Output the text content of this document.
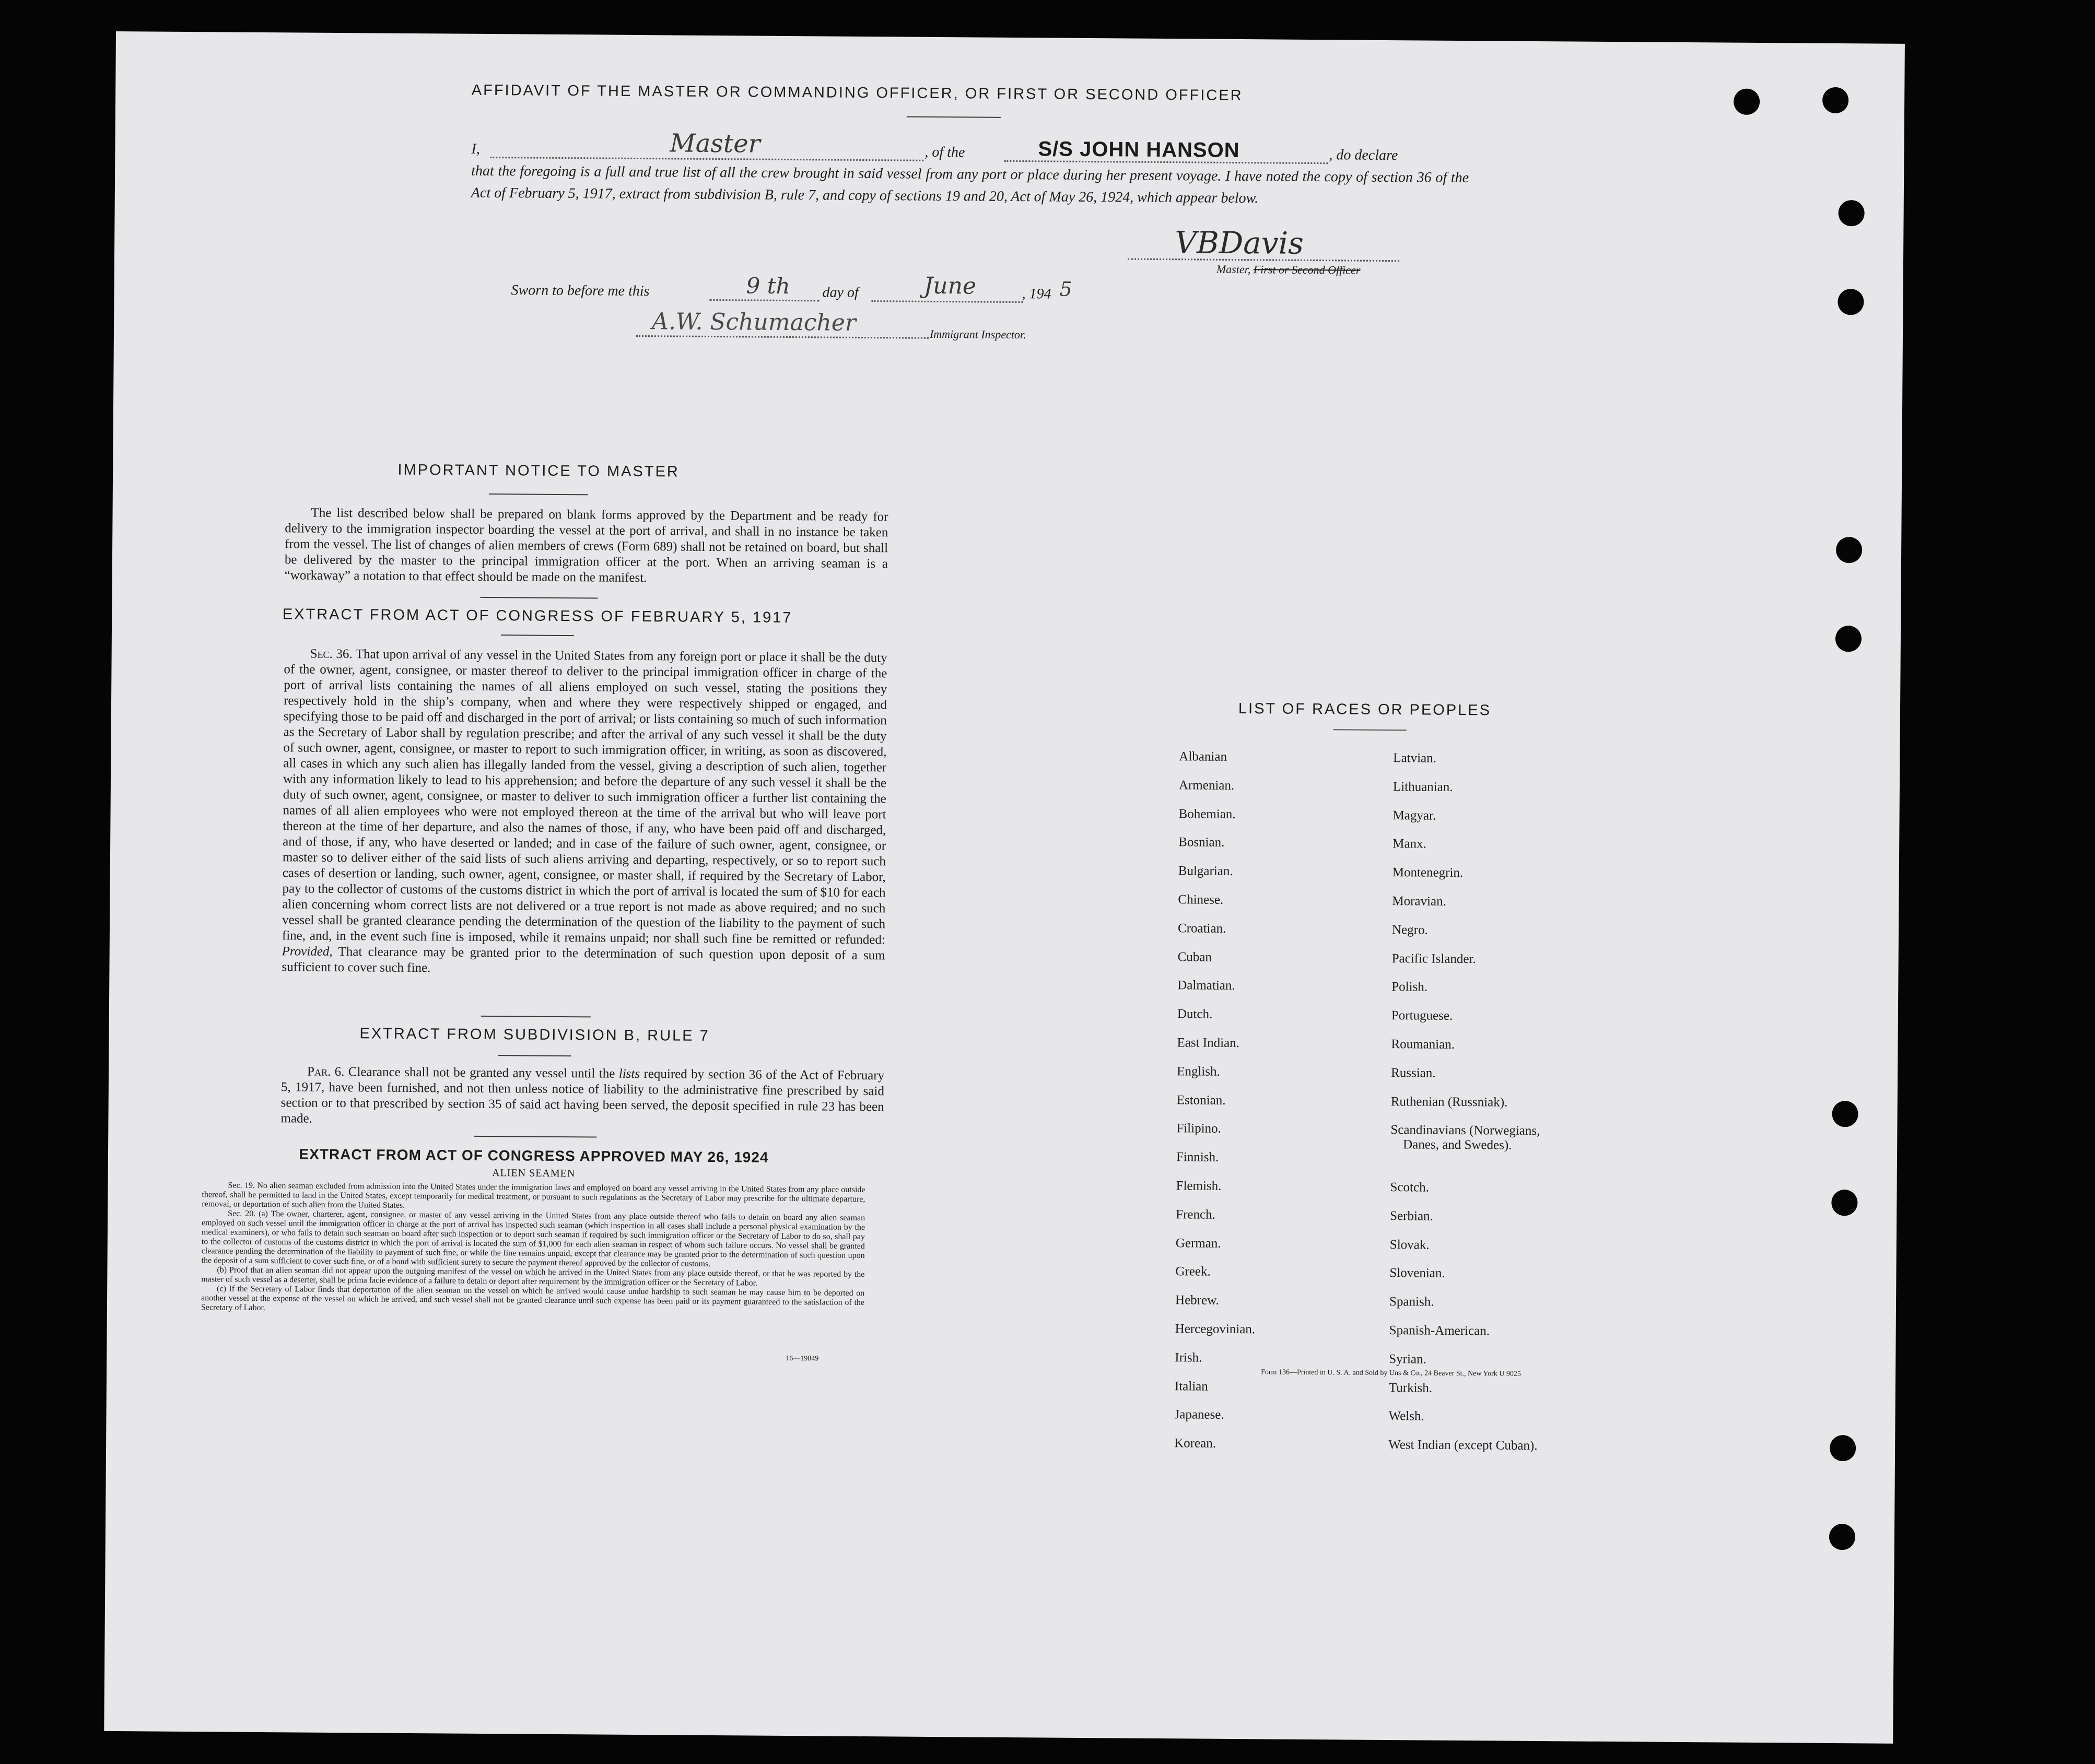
AFFIDAVIT OF THE MASTER OR COMMANDING OFFICER, OR FIRST OR SECOND OFFICER
I,	Master	, of the	S/S JOHN HANSON	, do declare
that the foregoing is a full and true list of all the crew brought in said vessel from any port or place during her present voyage. I have noted the copy of section 36 of the Act of February 5, 1917, extract from subdivision B, rule 7, and copy of sections 19 and 20, Act of May 26, 1924, which appear below.
VBDavis
Master, First or Second Officer
Sworn to before me this	9 th day of	June	, 194 5
A.W. Schumacher	Immigrant Inspector.
IMPORTANT NOTICE TO MASTER
The list described below shall be prepared on blank forms approved by the Department and be ready for delivery to the immigration inspector boarding the vessel at the port of arrival, and shall in no instance be taken from the vessel. The list of changes of alien members of crews (Form 689) shall not be retained on board, but shall be delivered by the master to the principal immigration officer at the port. When an arriving seaman is a “workaway” a notation to that effect should be made on the manifest.
EXTRACT FROM ACT OF CONGRESS OF FEBRUARY 5, 1917
Sec. 36. That upon arrival of any vessel in the United States from any foreign port or place it shall be the duty of the owner, agent, consignee, or master thereof to deliver to the principal immigration officer in charge of the port of arrival lists containing the names of all aliens employed on such vessel, stating the positions they respectively hold in the ship’s company, when and where they were respectively shipped or engaged, and specifying those to be paid off and discharged in the port of arrival; or lists containing so much of such information as the Secretary of Labor shall by regulation prescribe; and after the arrival of any such vessel it shall be the duty of such owner, agent, consignee, or master to report to such immigration officer, in writing, as soon as discovered, all cases in which any such alien has illegally landed from the vessel, giving a description of such alien, together with any information likely to lead to his apprehension; and before the departure of any such vessel it shall be the duty of such owner, agent, consignee, or master to deliver to such immigration officer a further list containing the names of all alien employees who were not employed thereon at the time of the arrival but who will leave port thereon at the time of her departure, and also the names of those, if any, who have been paid off and discharged, and of those, if any, who have deserted or landed; and in case of the failure of such owner, agent, consignee, or master so to deliver either of the said lists of such aliens arriving and departing, respectively, or so to report such cases of desertion or landing, such owner, agent, consignee, or master shall, if required by the Secretary of Labor, pay to the collector of customs of the customs district in which the port of arrival is located the sum of $10 for each alien concerning whom correct lists are not delivered or a true report is not made as above required; and no such vessel shall be granted clearance pending the determination of the question of the liability to the payment of such fine, and, in the event such fine is imposed, while it remains unpaid; nor shall such fine be remitted or refunded: Provided, That clearance may be granted prior to the determination of such question upon deposit of a sum sufficient to cover such fine.
EXTRACT FROM SUBDIVISION B, RULE 7
Par. 6. Clearance shall not be granted any vessel until the lists required by section 36 of the Act of February 5, 1917, have been furnished, and not then unless notice of liability to the administrative fine prescribed by said section or to that prescribed by section 35 of said act having been served, the deposit specified in rule 23 has been made.
EXTRACT FROM ACT OF CONGRESS APPROVED MAY 26, 1924
ALIEN SEAMEN
Sec. 19. No alien seaman excluded from admission into the United States under the immigration laws and employed on board any vessel arriving in the United States from any place outside thereof, shall be permitted to land in the United States, except temporarily for medical treatment, or pursuant to such regulations as the Secretary of Labor may prescribe for the ultimate departure, removal, or deportation of such alien from the United States.
Sec. 20. (a) The owner, charterer, agent, consignee, or master of any vessel arriving in the United States from any place outside thereof who fails to detain on board any alien seaman employed on such vessel until the immigration officer in charge at the port of arrival has inspected such seaman (which inspection in all cases shall include a personal physical examination by the medical examiners), or who fails to detain such seaman on board after such inspection or to deport such seaman if required by such immigration officer or the Secretary of Labor to do so, shall pay to the collector of customs of the customs district in which the port of arrival is located the sum of $1,000 for each alien seaman in respect of whom such failure occurs. No vessel shall be granted clearance pending the determination of the liability to payment of such fine, or while the fine remains unpaid, except that clearance may be granted prior to the determination of such question upon the deposit of a sum sufficient to cover such fine, or of a bond with sufficient surety to secure the payment thereof approved by the collector of customs.
(b) Proof that an alien seaman did not appear upon the outgoing manifest of the vessel on which he arrived in the United States from any place outside thereof, or that he was reported by the master of such vessel as a deserter, shall be prima facie evidence of a failure to detain or deport after requirement by the immigration officer or the Secretary of Labor.
(c) If the Secretary of Labor finds that deportation of the alien seaman on the vessel on which he arrived would cause undue hardship to such seaman he may cause him to be deported on another vessel at the expense of the vessel on which he arrived, and such vessel shall not be granted clearance until such expense has been paid or its payment guaranteed to the satisfaction of the Secretary of Labor.
16—19849
LIST OF RACES OR PEOPLES
Albanian
Armenian.
Bohemian.
Bosnian.
Bulgarian.
Chinese.
Croatian.
Cuban
Dalmatian.
Dutch.
East Indian.
English.
Estonian.
Filipino.
Finnish.
Flemish.
French.
German.
Greek.
Hebrew.
Hercegovinian.
Irish.
Italian
Japanese.
Korean.
Latvian.
Lithuanian.
Magyar.
Manx.
Montenegrin.
Moravian.
Negro.
Pacific Islander.
Polish.
Portuguese.
Roumanian.
Russian.
Ruthenian (Russniak).
Scandinavians (Norwegians,
Danes, and Swedes).
Scotch.
Serbian.
Slovak.
Slovenian.
Spanish.
Spanish-American.
Syrian.
Turkish.
Welsh.
West Indian (except Cuban).
Form 136—Printed in U. S. A. and Sold by Uns & Co., 24 Beaver St., New York U 9025
